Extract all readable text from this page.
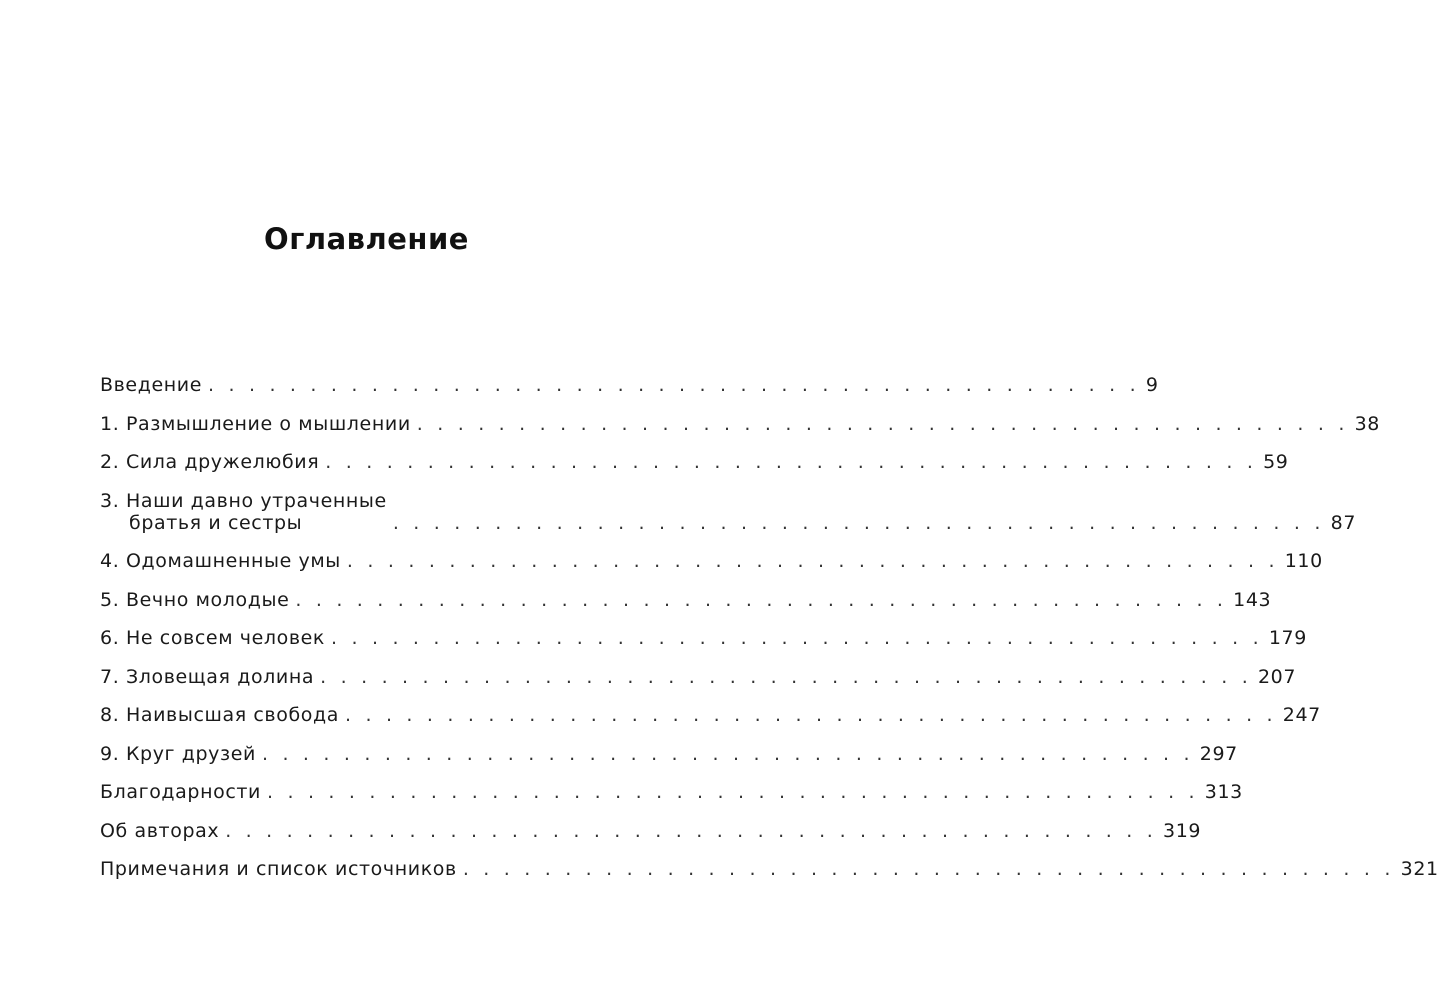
Оглавление
Введение . . . . . . . . . . . . . . . . . . . . . . . . . . . . . . . . . . . . . . . . . . . . . . 9
1. Размышление о мышлении . . . . . . . . . . . . . . . . . . . . . . . . . . . . . . . . . . . . . . . . . . . . . . 38
2. Сила дружелюбия . . . . . . . . . . . . . . . . . . . . . . . . . . . . . . . . . . . . . . . . . . . . . . 59
3. Наши давно утраченные
братья и сестры	. . . . . . . . . . . . . . . . . . . . . . . . . . . . . . . . . . . . . . . . . . . . . . 87
4. Одомашненные умы . . . . . . . . . . . . . . . . . . . . . . . . . . . . . . . . . . . . . . . . . . . . . . 110
5. Вечно молодые . . . . . . . . . . . . . . . . . . . . . . . . . . . . . . . . . . . . . . . . . . . . . . 143
6. Не совсем человек . . . . . . . . . . . . . . . . . . . . . . . . . . . . . . . . . . . . . . . . . . . . . . 179
7. Зловещая долина . . . . . . . . . . . . . . . . . . . . . . . . . . . . . . . . . . . . . . . . . . . . . . 207
8. Наивысшая свобода . . . . . . . . . . . . . . . . . . . . . . . . . . . . . . . . . . . . . . . . . . . . . . 247
9. Круг друзей . . . . . . . . . . . . . . . . . . . . . . . . . . . . . . . . . . . . . . . . . . . . . . 297
Благодарности . . . . . . . . . . . . . . . . . . . . . . . . . . . . . . . . . . . . . . . . . . . . . . 313
Об авторах . . . . . . . . . . . . . . . . . . . . . . . . . . . . . . . . . . . . . . . . . . . . . . 319
Примечания и список источников . . . . . . . . . . . . . . . . . . . . . . . . . . . . . . . . . . . . . . . . . . . . . . 321
